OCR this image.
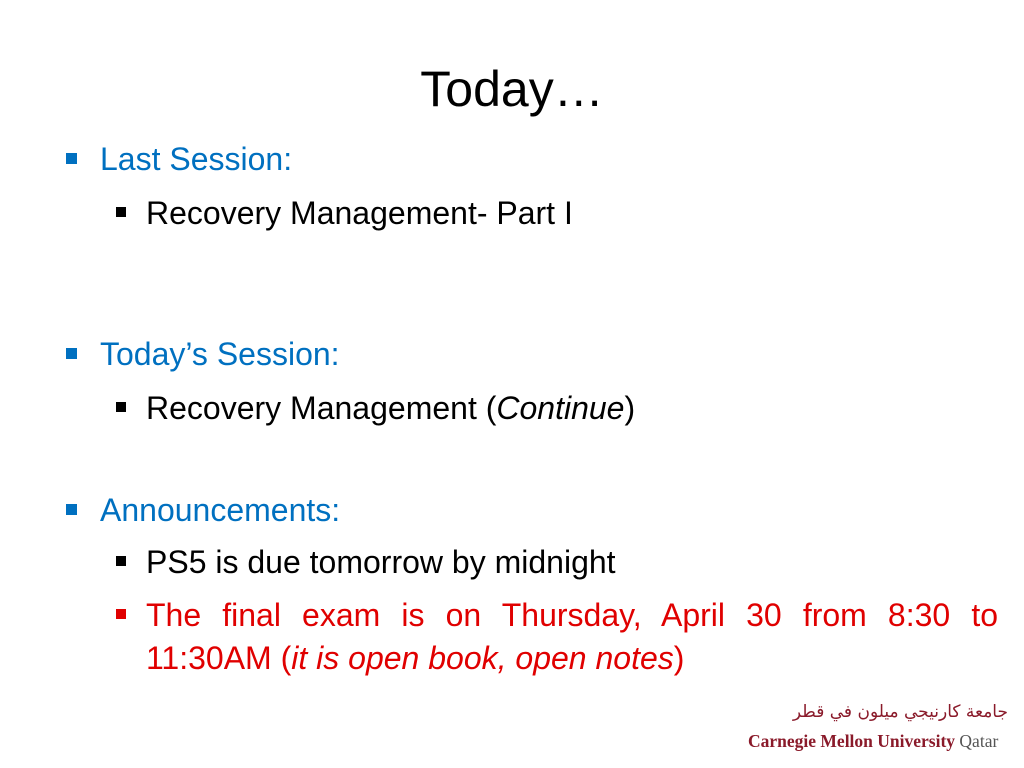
Today…
Last Session:
Recovery Management- Part I
Today’s Session:
Recovery Management (Continue)
Announcements:
PS5 is due tomorrow by midnight
The final exam is on Thursday, April 30 from 8:30 to
11:30AM (it is open book, open notes)
جامعة كارنيجي ميلون في قطر
Carnegie Mellon University Qatar
